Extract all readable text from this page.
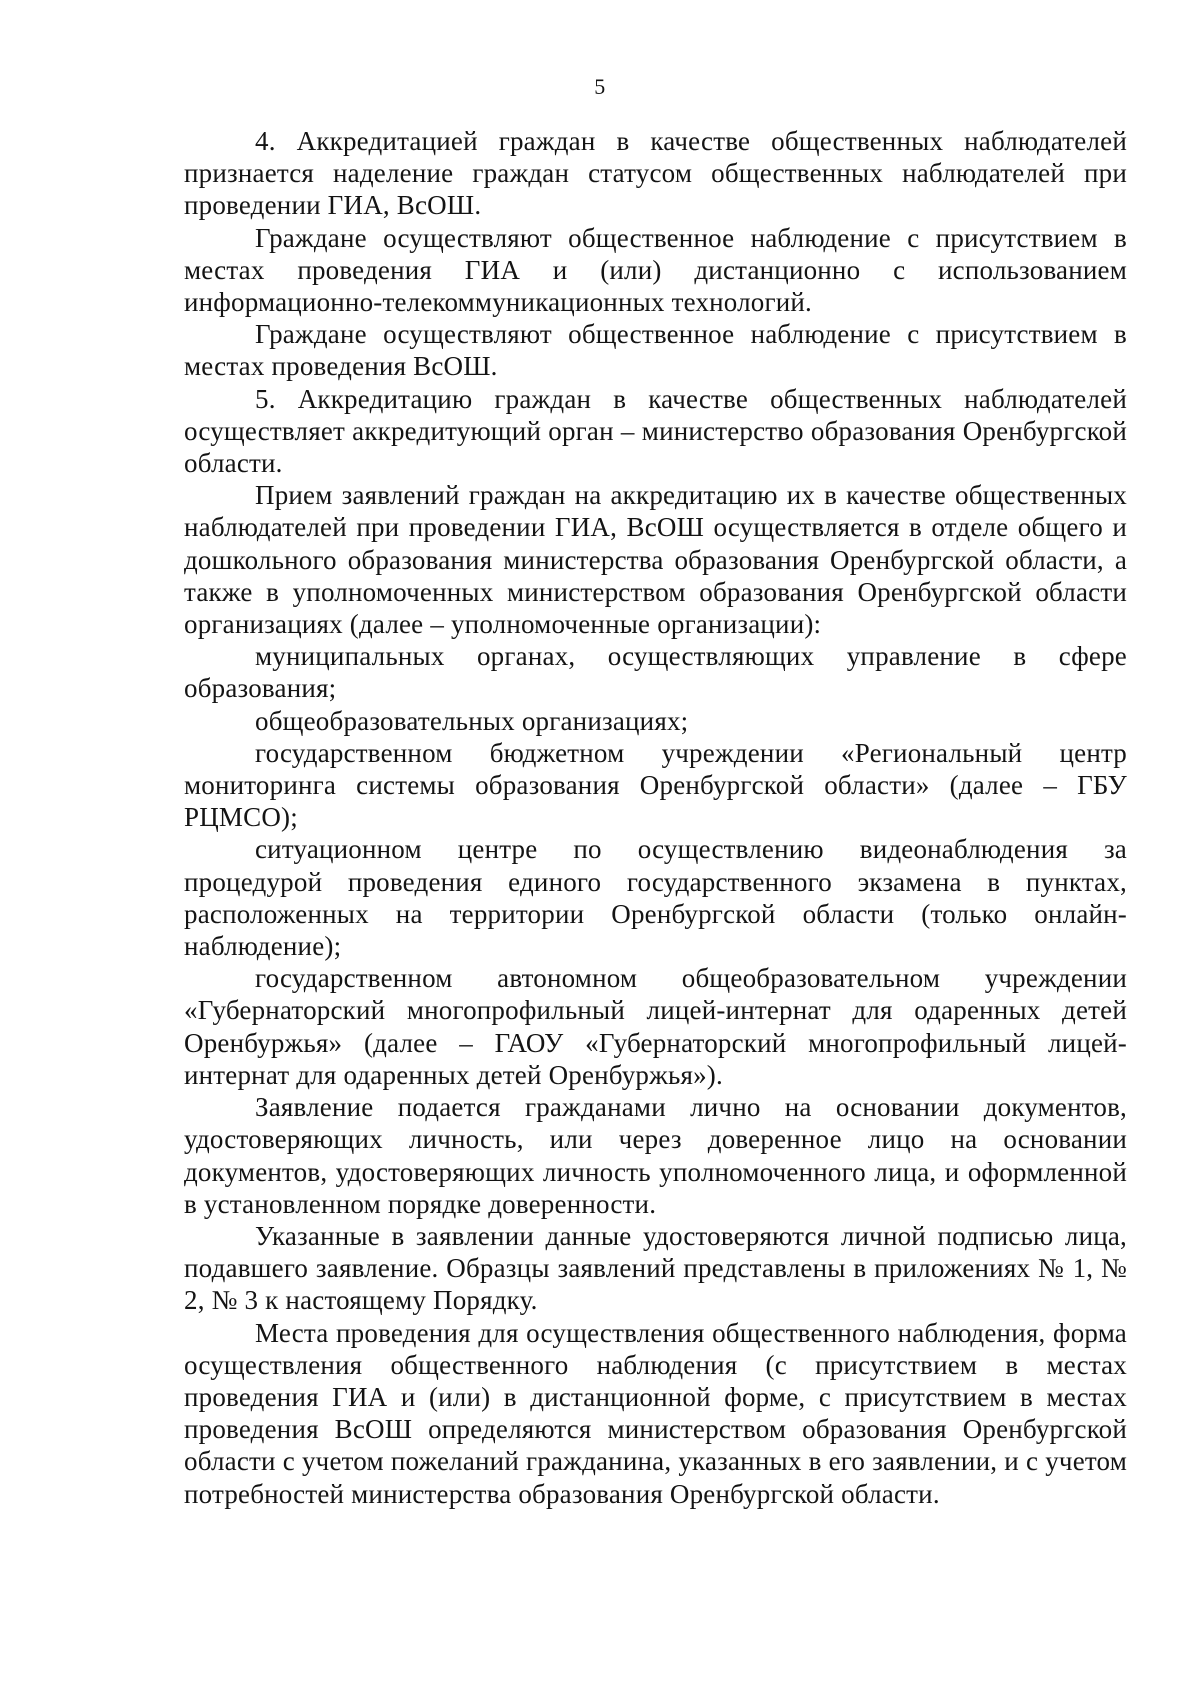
5

4. Аккредитацией граждан в качестве общественных наблюдателей признается наделение граждан статусом общественных наблюдателей при проведении ГИА, ВсОШ.

Граждане осуществляют общественное наблюдение с присутствием в местах проведения ГИА и (или) дистанционно с использованием информационно-телекоммуникационных технологий.

Граждане осуществляют общественное наблюдение с присутствием в местах проведения ВсОШ.

5. Аккредитацию граждан в качестве общественных наблюдателей осуществляет аккредитующий орган – министерство образования Оренбургской области.

Прием заявлений граждан на аккредитацию их в качестве общественных наблюдателей при проведении ГИА, ВсОШ осуществляется в отделе общего и дошкольного образования министерства образования Оренбургской области, а также в уполномоченных министерством образования Оренбургской области организациях (далее – уполномоченные организации):

муниципальных органах, осуществляющих управление в сфере образования;

общеобразовательных организациях;

государственном бюджетном учреждении «Региональный центр мониторинга системы образования Оренбургской области» (далее – ГБУ РЦМСО);

ситуационном центре по осуществлению видеонаблюдения за процедурой проведения единого государственного экзамена в пунктах, расположенных на территории Оренбургской области (только онлайн-наблюдение);

государственном автономном общеобразовательном учреждении «Губернаторский многопрофильный лицей-интернат для одаренных детей Оренбуржья» (далее – ГАОУ «Губернаторский многопрофильный лицей-интернат для одаренных детей Оренбуржья»).

Заявление подается гражданами лично на основании документов, удостоверяющих личность, или через доверенное лицо на основании документов, удостоверяющих личность уполномоченного лица, и оформленной в установленном порядке доверенности.

Указанные в заявлении данные удостоверяются личной подписью лица, подавшего заявление. Образцы заявлений представлены в приложениях № 1, № 2, № 3 к настоящему Порядку.

Места проведения для осуществления общественного наблюдения, форма осуществления общественного наблюдения (с присутствием в местах проведения ГИА и (или) в дистанционной форме, с присутствием в местах проведения ВсОШ определяются министерством образования Оренбургской области с учетом пожеланий гражданина, указанных в его заявлении, и с учетом потребностей министерства образования Оренбургской области.
